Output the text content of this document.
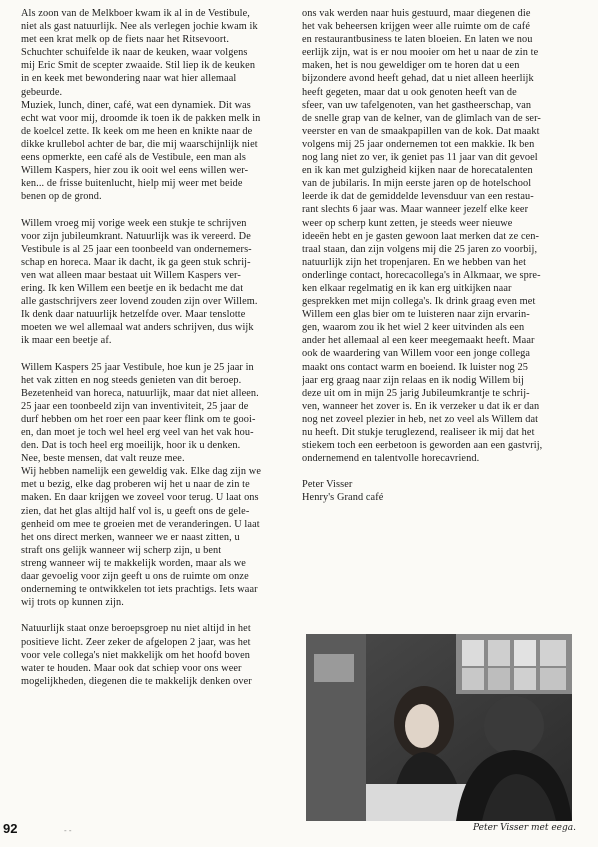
Als zoon van de Melkboer kwam ik al in de Vestibule,
niet als gast natuurlijk. Nee als verlegen jochie kwam ik
met een krat melk op de fiets naar het Ritsevoort.
Schuchter schuifelde ik naar de keuken, waar volgens
mij Eric Smit de scepter zwaaide. Stil liep ik de keuken
in en keek met bewondering naar wat hier allemaal
gebeurde.
Muziek, lunch, diner, café, wat een dynamiek. Dit was
echt wat voor mij, droomde ik toen ik de pakken melk in
de koelcel zette. Ik keek om me heen en knikte naar de
dikke krullebol achter de bar, die mij waarschijnlijk niet
eens opmerkte, een café als de Vestibule, een man als
Willem Kaspers, hier zou ik ooit wel eens willen wer-
ken... de frisse buitenlucht, hielp mij weer met beide
benen op de grond.
Willem vroeg mij vorige week een stukje te schrijven
voor zijn jubileumkrant. Natuurlijk was ik vereerd. De
Vestibule is al 25 jaar een toonbeeld van ondernemers-
schap en horeca. Maar ik dacht, ik ga geen stuk schrij-
ven wat alleen maar bestaat uit Willem Kaspers ver-
ering. Ik ken Willem een beetje en ik bedacht me dat
alle gastschrijvers zeer lovend zouden zijn over Willem.
Ik denk daar natuurlijk hetzelfde over. Maar tenslotte
moeten we wel allemaal wat anders schrijven, dus wijk
ik maar een beetje af.
Willem Kaspers 25 jaar Vestibule, hoe kun je 25 jaar in
het vak zitten en nog steeds genieten van dit beroep.
Bezetenheid van horeca, natuurlijk, maar dat niet alleen.
25 jaar een toonbeeld zijn van inventiviteit, 25 jaar de
durf hebben om het roer een paar keer flink om te gooi-
en, dan moet je toch wel heel erg veel van het vak hou-
den. Dat is toch heel erg moeilijk, hoor ik u denken.
Nee, beste mensen, dat valt reuze mee.
Wij hebben namelijk een geweldig vak. Elke dag zijn we
met u bezig, elke dag proberen wij het u naar de zin te
maken. En daar krijgen we zoveel voor terug. U laat ons
zien, dat het glas altijd half vol is, u geeft ons de gele-
genheid om mee te groeien met de veranderingen. U laat
het ons direct merken, wanneer we er naast zitten, u
straft ons gelijk wanneer wij scherp zijn, u bent
streng wanneer wij te makkelijk worden, maar als we
daar gevoelig voor zijn geeft u ons de ruimte om onze
onderneming te ontwikkelen tot iets prachtigs. Iets waar
wij trots op kunnen zijn.
Natuurlijk staat onze beroepsgroep nu niet altijd in het
positieve licht. Zeer zeker de afgelopen 2 jaar, was het
voor vele collega's niet makkelijk om het hoofd boven
water te houden. Maar ook dat schiep voor ons weer
mogelijkheden, diegenen die te makkelijk denken over
ons vak werden naar huis gestuurd, maar diegenen die
het vak beheersen krijgen weer alle ruimte om de café
en restaurantbusiness te laten bloeien. En laten we nou
eerlijk zijn, wat is er nou mooier om het u naar de zin te
maken, het is nou geweldiger om te horen dat u een
bijzondere avond heeft gehad, dat u niet alleen heerlijk
heeft gegeten, maar dat u ook genoten heeft van de
sfeer, van uw tafelgenoten, van het gastheerschap, van
de snelle grap van de kelner, van de glimlach van de ser-
veerster en van de smaakpapillen van de kok. Dat maakt
volgens mij 25 jaar ondernemen tot een makkie. Ik ben
nog lang niet zo ver, ik geniet pas 11 jaar van dit gevoel
en ik kan met gulzigheid kijken naar de horecatalenten
van de jubilaris. In mijn eerste jaren op de hotelschool
leerde ik dat de gemiddelde levensduur van een restau-
rant slechts 6 jaar was. Maar wanneer jezelf elke keer
weer op scherp kunt zetten, je steeds weer nieuwe
ideeën hebt en je gasten gewoon laat merken dat ze cen-
traal staan, dan zijn volgens mij die 25 jaren zo voorbij,
natuurlijk zijn het tropenjaren. En we hebben van het
onderlinge contact, horecacollega's in Alkmaar, we spre-
ken elkaar regelmatig en ik kan erg uitkijken naar
gesprekken met mijn collega's. Ik drink graag even met
Willem een glas bier om te luisteren naar zijn ervarin-
gen, waarom zou ik het wiel 2 keer uitvinden als een
ander het allemaal al een keer meegemaakt heeft. Maar
ook de waardering van Willem voor een jonge collega
maakt ons contact warm en boeiend. Ik luister nog 25
jaar erg graag naar zijn relaas en ik nodig Willem bij
deze uit om in mijn 25 jarig Jubileumkrantje te schrij-
ven, wanneer het zover is. En ik verzeker u dat ik er dan
nog net zoveel plezier in heb, net zo veel als Willem dat
nu heeft. Dit stukje teruglezend, realiseer ik mij dat het
stiekem toch een eerbetoon is geworden aan een gastvrij,
ondernemend en talentvolle horecavriend.
Peter Visser
Henry's Grand café
Peter Visser met eega.
92	- -
